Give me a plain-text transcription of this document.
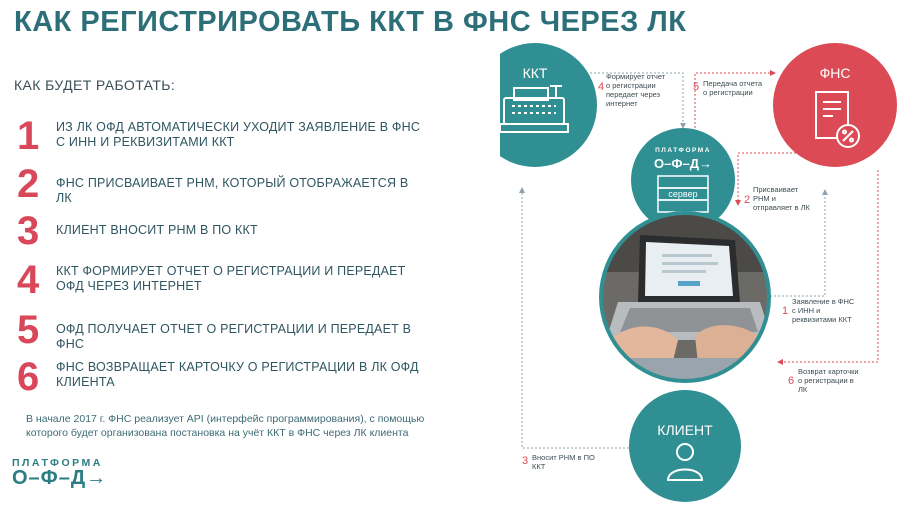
КАК РЕГИСТРИРОВАТЬ ККТ В ФНС ЧЕРЕЗ ЛК
КАК БУДЕТ РАБОТАТЬ:
1 ИЗ ЛК ОФД АВТОМАТИЧЕСКИ УХОДИТ ЗАЯВЛЕНИЕ В ФНС С ИНН И РЕКВИЗИТАМИ ККТ
2 ФНС ПРИСВАИВАЕТ РНМ, КОТОРЫЙ ОТОБРАЖАЕТСЯ В ЛК
3 КЛИЕНТ ВНОСИТ РНМ В ПО ККТ
4 ККТ ФОРМИРУЕТ ОТЧЕТ О РЕГИСТРАЦИИ И ПЕРЕДАЕТ ОФД ЧЕРЕЗ ИНТЕРНЕТ
5 ОФД ПОЛУЧАЕТ ОТЧЕТ О РЕГИСТРАЦИИ И ПЕРЕДАЕТ В ФНС
6 ФНС ВОЗВРАЩАЕТ КАРТОЧКУ О РЕГИСТРАЦИИ В ЛК ОФД КЛИЕНТА
В начале 2017 г. ФНС реализует API (интерфейс программирования), с помощью которого будет организована постановка на учёт ККТ в ФНС через ЛК клиента
ПЛАТФОРМА
О–Ф–Д→
ККТ	ФНС
ПЛАТФОРМА
О–Ф–Д→
сервер
КЛИЕНТ
4
Формирует отчет
о регистрации
передает через
интернет
5 Передача отчета
о регистрации
2
Присваивает
РНМ и
отправляет в ЛК
1
Заявление в ФНС
с ИНН и
реквизитами ККТ
6
Возврат карточки
о регистрации в
ЛК
3 Вносит РНМ в ПО
ККТ
